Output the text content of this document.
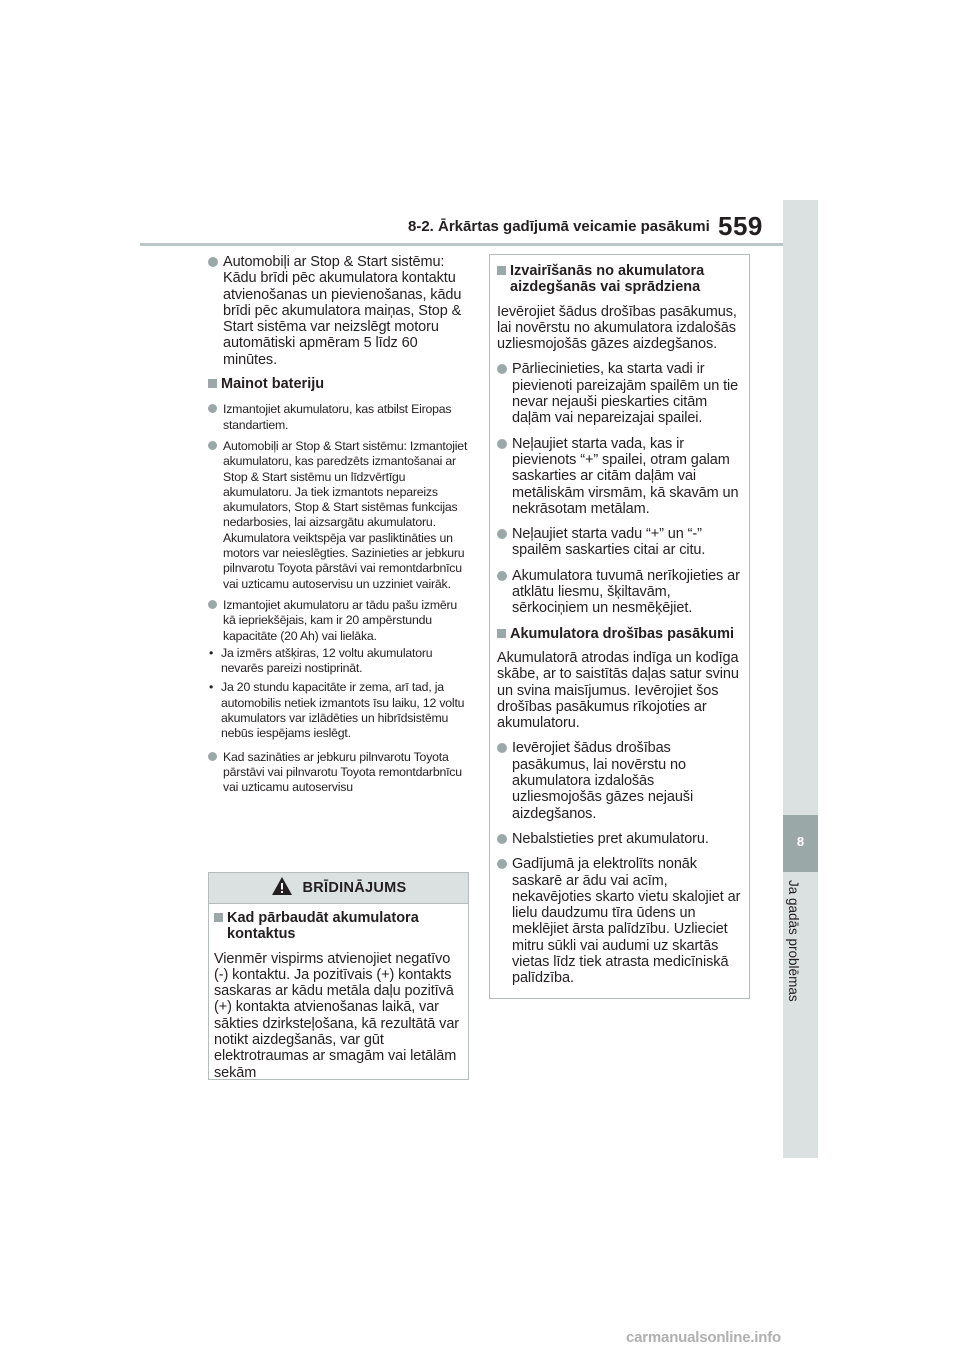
8-2. Ārkārtas gadījumā veicamie pasākumi 559
8
Ja gadās problēmas
Automobiļi ar Stop & Start sistēmu: Kādu brīdi pēc akumulatora kontaktu atvienošanas un pievienošanas, kādu brīdi pēc akumulatora maiņas, Stop & Start sistēma var neizslēgt motoru automātiski apmēram 5 līdz 60 minūtes.
Mainot bateriju
Izmantojiet akumulatoru, kas atbilst Eiropas standartiem.
Automobiļi ar Stop & Start sistēmu: Izmantojiet akumulatoru, kas paredzēts izmantošanai ar Stop & Start sistēmu un līdzvērtīgu akumulatoru. Ja tiek izmantots nepareizs akumulators, Stop & Start sistēmas funkcijas nedarbosies, lai aizsargātu akumulatoru. Akumulatora veiktspēja var pasliktināties un motors var neieslēgties. Sazinieties ar jebkuru pilnvarotu Toyota pārstāvi vai remontdarbnīcu vai uzticamu autoservisu un uzziniet vairāk.
Izmantojiet akumulatoru ar tādu pašu izmēru kā iepriekšējais, kam ir 20 ampērstundu kapacitāte (20 Ah) vai lielāka.
• Ja izmērs atšķiras, 12 voltu akumulatoru nevarēs pareizi nostiprināt.
• Ja 20 stundu kapacitāte ir zema, arī tad, ja automobilis netiek izmantots īsu laiku, 12 voltu akumulators var izlādēties un hibrīdsistēmu nebūs iespējams ieslēgt.
Kad sazināties ar jebkuru pilnvarotu Toyota pārstāvi vai pilnvarotu Toyota remontdarbnīcu vai uzticamu autoservisu
BRĪDINĀJUMS
Kad pārbaudāt akumulatora kontaktus
Vienmēr vispirms atvienojiet negatīvo (-) kontaktu. Ja pozitīvais (+) kontakts saskaras ar kādu metāla daļu pozitīvā (+) kontakta atvienošanas laikā, var sākties dzirksteļošana, kā rezultātā var notikt aizdegšanās, var gūt elektrotraumas ar smagām vai letālām sekām
Izvairīšanās no akumulatora aizdegšanās vai sprādziena
Ievērojiet šādus drošības pasākumus, lai novērstu no akumulatora izdalošās uzliesmojošās gāzes aizdegšanos.
Pārliecinieties, ka starta vadi ir pievienoti pareizajām spailēm un tie nevar nejauši pieskarties citām daļām vai nepareizajai spailei.
Neļaujiet starta vada, kas ir pievienots “+” spailei, otram galam saskarties ar citām daļām vai metāliskām virsmām, kā skavām un nekrāsotam metālam.
Neļaujiet starta vadu “+” un “-” spailēm saskarties citai ar citu.
Akumulatora tuvumā nerīkojieties ar atklātu liesmu, šķiltavām, sērkociņiem un nesmēķējiet.
Akumulatora drošības pasākumi
Akumulatorā atrodas indīga un kodīga skābe, ar to saistītās daļas satur svinu un svina maisījumus. Ievērojiet šos drošības pasākumus rīkojoties ar akumulatoru.
Ievērojiet šādus drošības pasākumus, lai novērstu no akumulatora izdalošās uzliesmojošās gāzes nejauši aizdegšanos.
Nebalstieties pret akumulatoru.
Gadījumā ja elektrolīts nonāk saskarē ar ādu vai acīm, nekavējoties skarto vietu skalojiet ar lielu daudzumu tīra ūdens un meklējiet ārsta palīdzību. Uzlieciet mitru sūkli vai audumi uz skartās vietas līdz tiek atrasta medicīniskā palīdzība.
carmanualsonline.info
